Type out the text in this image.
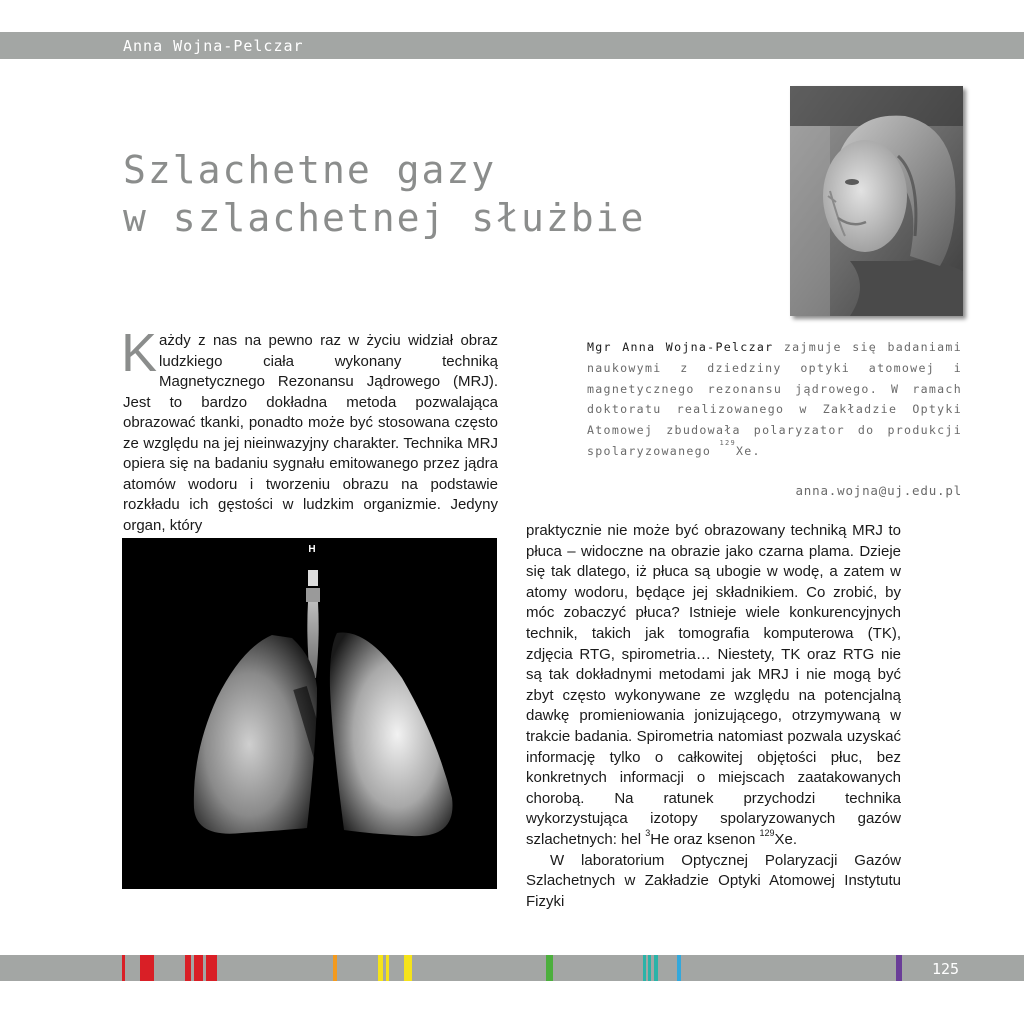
Anna Wojna-Pelczar
Szlachetne gazy
w szlachetnej służbie

Każdy z nas na pewno raz w życiu widział obraz ludzkiego ciała wykonany techniką Magnetycznego Rezonansu Jądrowego (MRJ). Jest to bardzo dokładna metoda pozwalająca obrazować tkanki, ponadto może być stosowana często ze względu na jej nieinwazyjny charakter. Technika MRJ opiera się na badaniu sygnału emitowanego przez jądra atomów wodoru i tworzeniu obrazu na podstawie rozkładu ich gęstości w ludzkim organizmie. Jedyny organ, który

Mgr Anna Wojna-Pelczar zajmuje się badaniami naukowymi z dziedziny optyki atomowej i magnetycznego rezonansu jądrowego. W ramach doktoratu realizowanego w Zakładzie Optyki Atomowej zbudowała polaryzator do produkcji spolaryzowanego $^{129}$Xe.

anna.wojna@uj.edu.pl
H

praktycznie nie może być obrazowany techniką MRJ to płuca – widoczne na obrazie jako czarna plama. Dzieje się tak dlatego, iż płuca są ubogie w wodę, a zatem w atomy wodoru, będące jej składnikiem. Co zrobić, by móc zobaczyć płuca? Istnieje wiele konkurencyjnych technik, takich jak tomografia komputerowa (TK), zdjęcia RTG, spirometria… Niestety, TK oraz RTG nie są tak dokładnymi metodami jak MRJ i nie mogą być zbyt często wykonywane ze względu na potencjalną dawkę promieniowania jonizującego, otrzymywaną w trakcie badania. Spirometria natomiast pozwala uzyskać informację tylko o całkowitej objętości płuc, bez konkretnych informacji o miejscach zaatakowanych chorobą. Na ratunek przychodzi technika wykorzystująca izotopy spolaryzowanych gazów szlachetnych: hel $^3$He oraz ksenon $^{129}$Xe.

W laboratorium Optycznej Polaryzacji Gazów Szlachetnych w Zakładzie Optyki Atomowej Instytutu Fizyki

125
